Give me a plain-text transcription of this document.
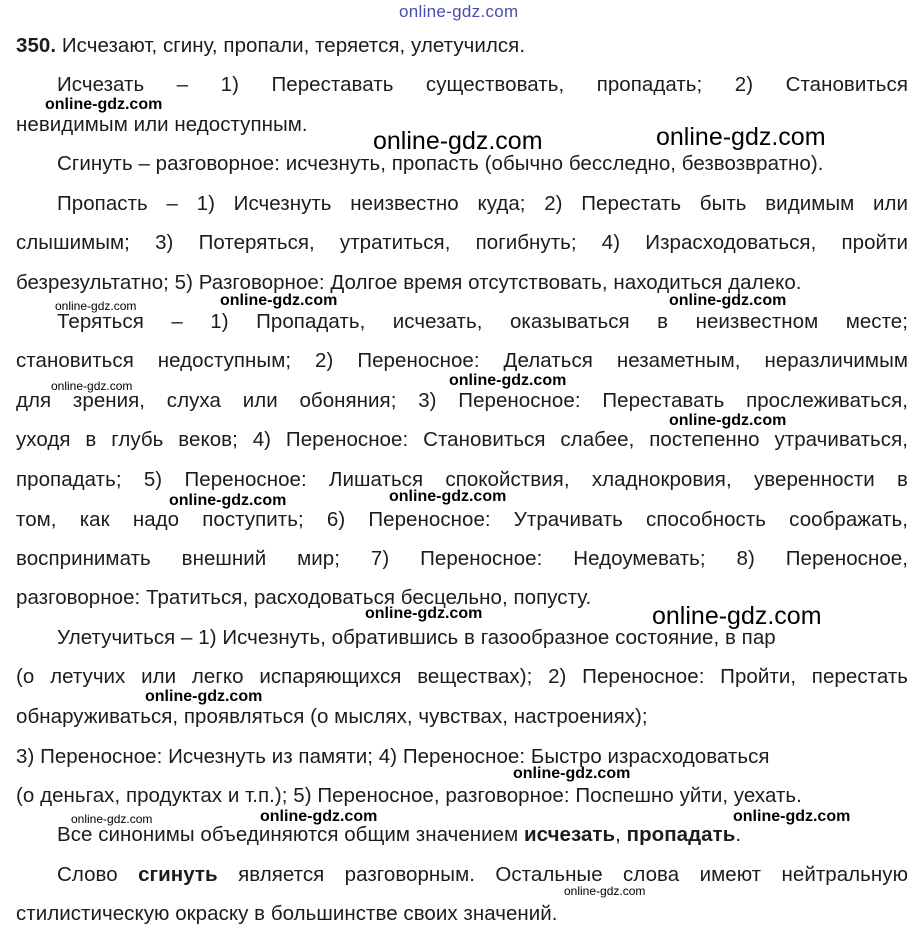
online-gdz.com
350. Исчезают, сгину, пропали, теряется, улетучился.
Исчезать – 1) Переставать существовать, пропадать; 2) Становиться
невидимым или недоступным.
Сгинуть – разговорное: исчезнуть, пропасть (обычно бесследно, безвозвратно).
Пропасть – 1) Исчезнуть неизвестно куда; 2) Перестать быть видимым или
слышимым; 3) Потеряться, утратиться, погибнуть; 4) Израсходоваться, пройти
безрезультатно; 5) Разговорное: Долгое время отсутствовать, находиться далеко.
Теряться – 1) Пропадать, исчезать, оказываться в неизвестном месте;
становиться недоступным; 2) Переносное: Делаться незаметным, неразличимым
для зрения, слуха или обоняния; 3) Переносное: Переставать прослеживаться,
уходя в глубь веков; 4) Переносное: Становиться слабее, постепенно утрачиваться,
пропадать; 5) Переносное: Лишаться спокойствия, хладнокровия, уверенности в
том, как надо поступить; 6) Переносное: Утрачивать способность соображать,
воспринимать внешний мир; 7) Переносное: Недоумевать; 8) Переносное,
разговорное: Тратиться, расходоваться бесцельно, попусту.
Улетучиться – 1) Исчезнуть, обратившись в газообразное состояние, в пар
(о летучих или легко испаряющихся веществах); 2) Переносное: Пройти, перестать
обнаруживаться, проявляться (о мыслях, чувствах, настроениях);
3) Переносное: Исчезнуть из памяти; 4) Переносное: Быстро израсходоваться
(о деньгах, продуктах и т.п.); 5) Переносное, разговорное: Поспешно уйти, уехать.
Все синонимы объединяются общим значением исчезать, пропадать.
Слово сгинуть является разговорным. Остальные слова имеют нейтральную
стилистическую окраску в большинстве своих значений.
online-gdz.com
online-gdz.com	online-gdz.com
online-gdz.com	online-gdz.com	online-gdz.com
online-gdz.com	online-gdz.com
online-gdz.com
online-gdz.com
online-gdz.com
online-gdz.com	online-gdz.com
online-gdz.com
online-gdz.com
online-gdz.com	online-gdz.com	online-gdz.com
online-gdz.com
